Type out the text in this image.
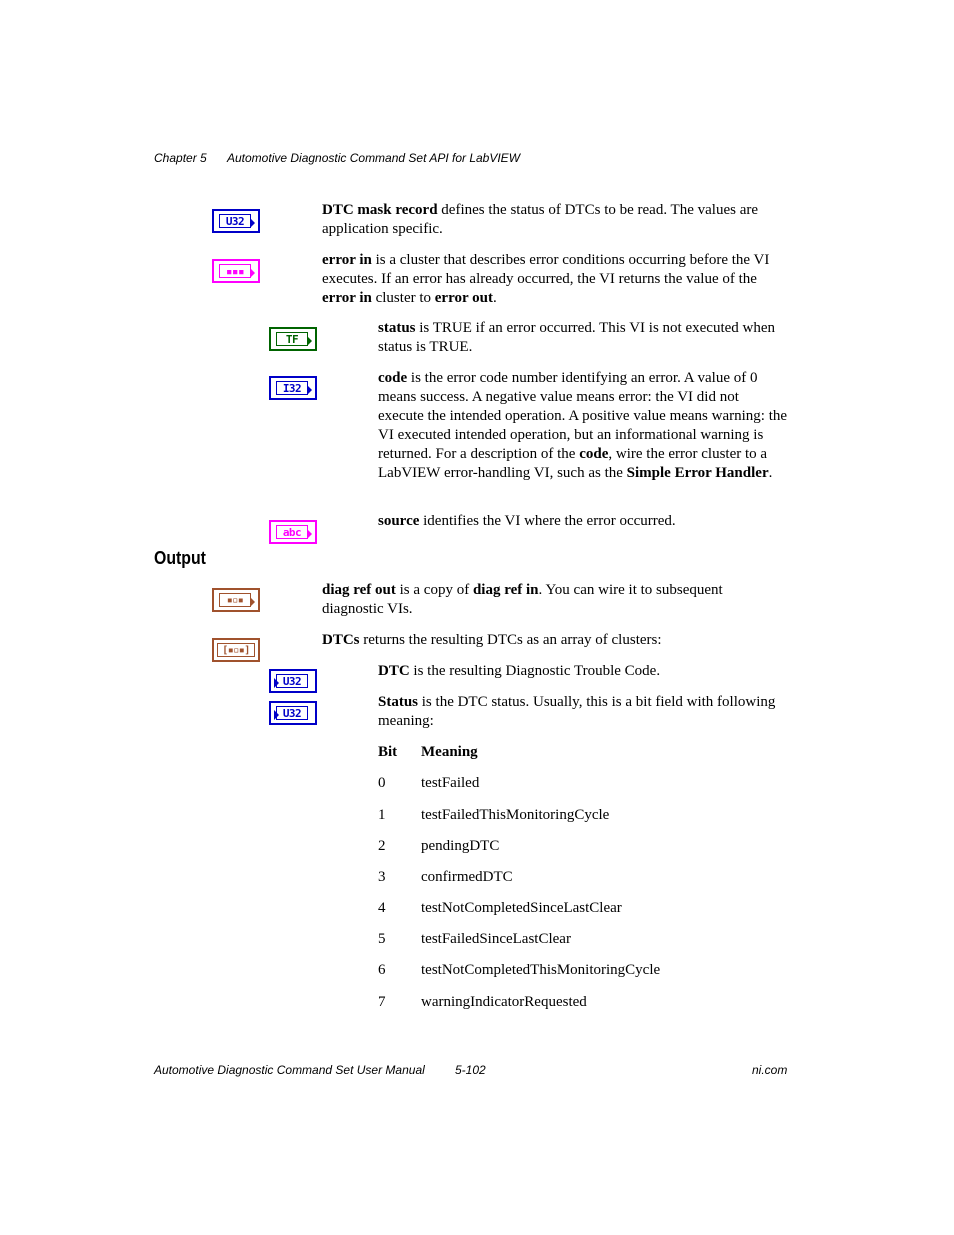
Chapter 5 Automotive Diagnostic Command Set API for LabVIEW
U32

DTC mask record defines the status of DTCs to be read. The values are application specific.

▪▪▪

error in is a cluster that describes error conditions occurring before the VI executes. If an error has already occurred, the VI returns the value of the error in cluster to error out.

TF

status is TRUE if an error occurred. This VI is not executed when status is TRUE.

I32

code is the error code number identifying an error. A value of 0 means success. A negative value means error: the VI did not execute the intended operation. A positive value means warning: the VI executed intended operation, but an informational warning is returned. For a description of the code, wire the error cluster to a LabVIEW error-handling VI, such as the Simple Error Handler.

abc

source identifies the VI where the error occurred.

Output
▪▫▪

diag ref out is a copy of diag ref in. You can wire it to subsequent diagnostic VIs.

[▪▫▪]

DTCs returns the resulting DTCs as an array of clusters:

U32

DTC is the resulting Diagnostic Trouble Code.

U32

Status is the DTC status. Usually, this is a bit field with following meaning:

Bit Meaning
0 testFailed
1 testFailedThisMonitoringCycle
2 pendingDTC
3 confirmedDTC
4 testNotCompletedSinceLastClear
5 testFailedSinceLastClear
6 testNotCompletedThisMonitoringCycle
7 warningIndicatorRequested
Automotive Diagnostic Command Set User Manual	5-102	ni.com
